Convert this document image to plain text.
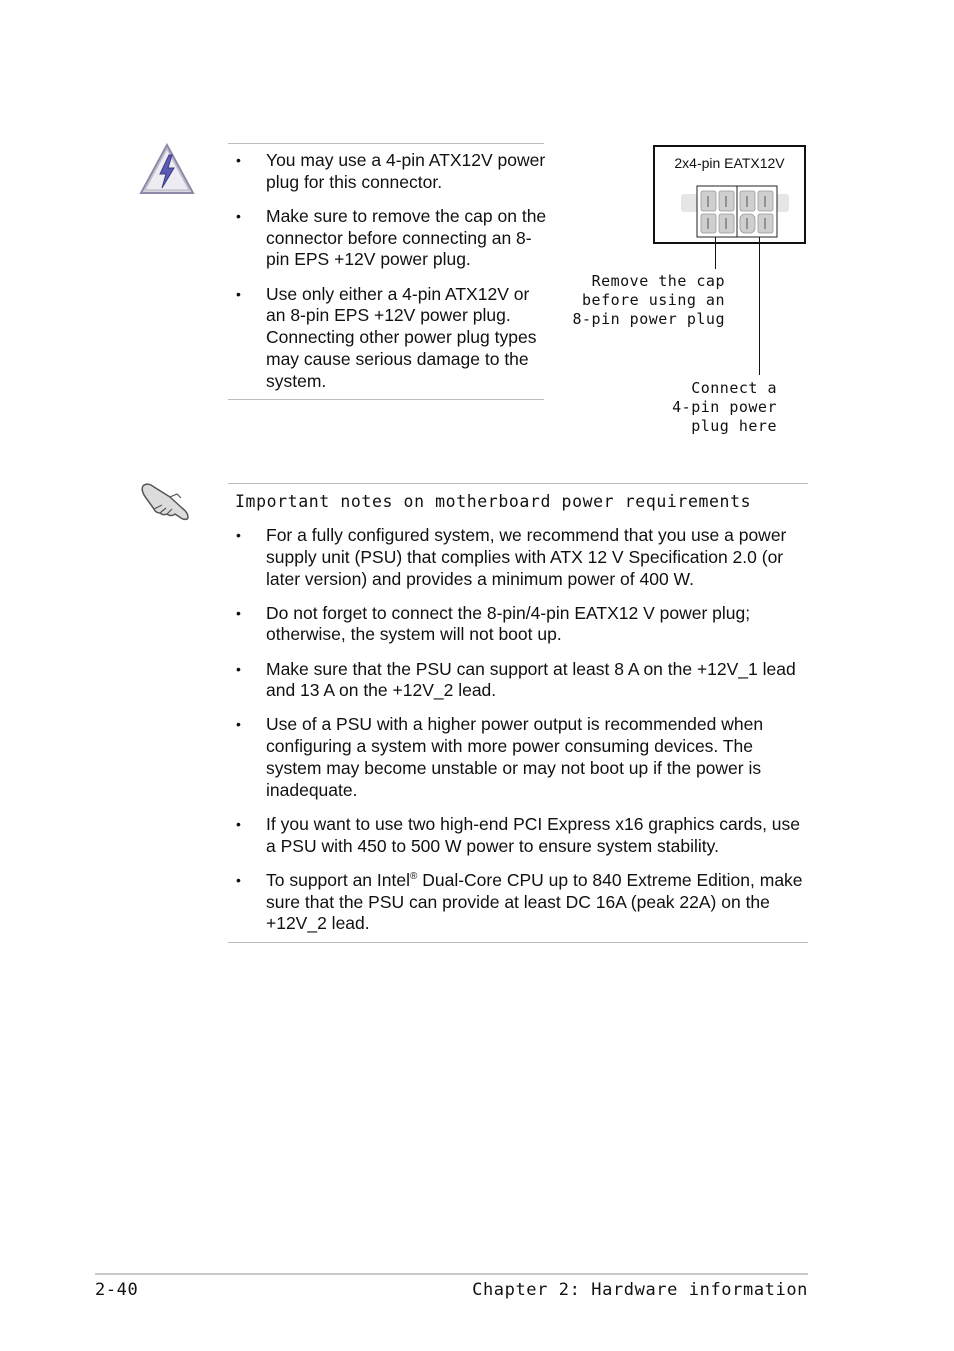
• You may use a 4-pin ATX12V power plug for this connector.
• Make sure to remove the cap on the connector before connecting an 8-pin EPS +12V power plug.
• Use only either a 4-pin ATX12V or an 8-pin EPS +12V power plug. Connecting other power plug types may cause serious damage to the system.
2x4-pin EATX12V
Remove the cap
before using an
8-pin power plug
Connect a
4-pin power
plug here
Important notes on motherboard power requirements
• For a fully configured system, we recommend that you use a power supply unit (PSU) that complies with ATX 12 V Specification 2.0 (or later version) and provides a minimum power of 400 W.
• Do not forget to connect the 8-pin/4-pin EATX12 V power plug; otherwise, the system will not boot up.
• Make sure that the PSU can support at least 8 A on the +12V_1 lead and 13 A on the +12V_2 lead.
• Use of a PSU with a higher power output is recommended when configuring a system with more power consuming devices. The system may become unstable or may not boot up if the power is inadequate.
• If you want to use two high-end PCI Express x16 graphics cards, use a PSU with 450 to 500 W power to ensure system stability.
• To support an Intel® Dual-Core CPU up to 840 Extreme Edition, make sure that the PSU can provide at least DC 16A (peak 22A) on the +12V_2 lead.
2-40	Chapter 2: Hardware information
